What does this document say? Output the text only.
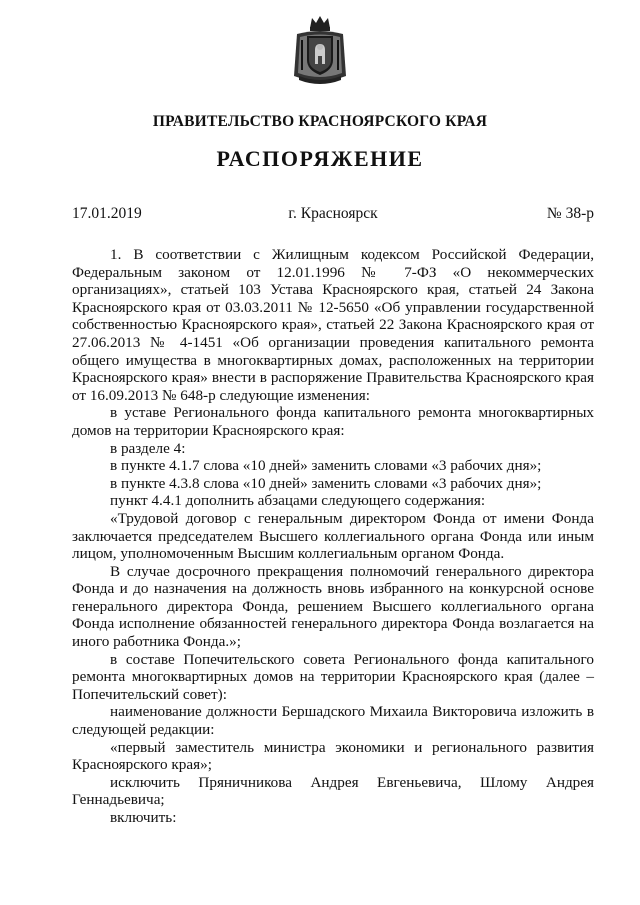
ПРАВИТЕЛЬСТВО КРАСНОЯРСКОГО КРАЯ
РАСПОРЯЖЕНИЕ
17.01.2019	г. Красноярск	№ 38-р

1. В соответствии с Жилищным кодексом Российской Федерации, Федеральным законом от 12.01.1996 № 7-ФЗ «О некоммерческих организациях», статьей 103 Устава Красноярского края, статьей 24 Закона Красноярского края от 03.03.2011 № 12-5650 «Об управлении государственной собственностью Красноярского края», статьей 22 Закона Красноярского края от 27.06.2013 № 4-1451 «Об организации проведения капитального ремонта общего имущества в многоквартирных домах, расположенных на территории Красноярского края» внести в распоряжение Правительства Красноярского края от 16.09.2013 № 648-р следующие изменения:

в уставе Регионального фонда капитального ремонта многоквартирных домов на территории Красноярского края:

в разделе 4:

в пункте 4.1.7 слова «10 дней» заменить словами «3 рабочих дня»;

в пункте 4.3.8 слова «10 дней» заменить словами «3 рабочих дня»;

пункт 4.4.1 дополнить абзацами следующего содержания:

«Трудовой договор с генеральным директором Фонда от имени Фонда заключается председателем Высшего коллегиального органа Фонда или иным лицом, уполномоченным Высшим коллегиальным органом Фонда.

В случае досрочного прекращения полномочий генерального директора Фонда и до назначения на должность вновь избранного на конкурсной основе генерального директора Фонда, решением Высшего коллегиального органа Фонда исполнение обязанностей генерального директора Фонда возлагается на иного работника Фонда.»;

в составе Попечительского совета Регионального фонда капитального ремонта многоквартирных домов на территории Красноярского края (далее – Попечительский совет):

наименование должности Бершадского Михаила Викторовича изложить в следующей редакции:

«первый заместитель министра экономики и регионального развития Красноярского края»;

исключить Пряничникова Андрея Евгеньевича, Шлому Андрея Геннадьевича;

включить:
